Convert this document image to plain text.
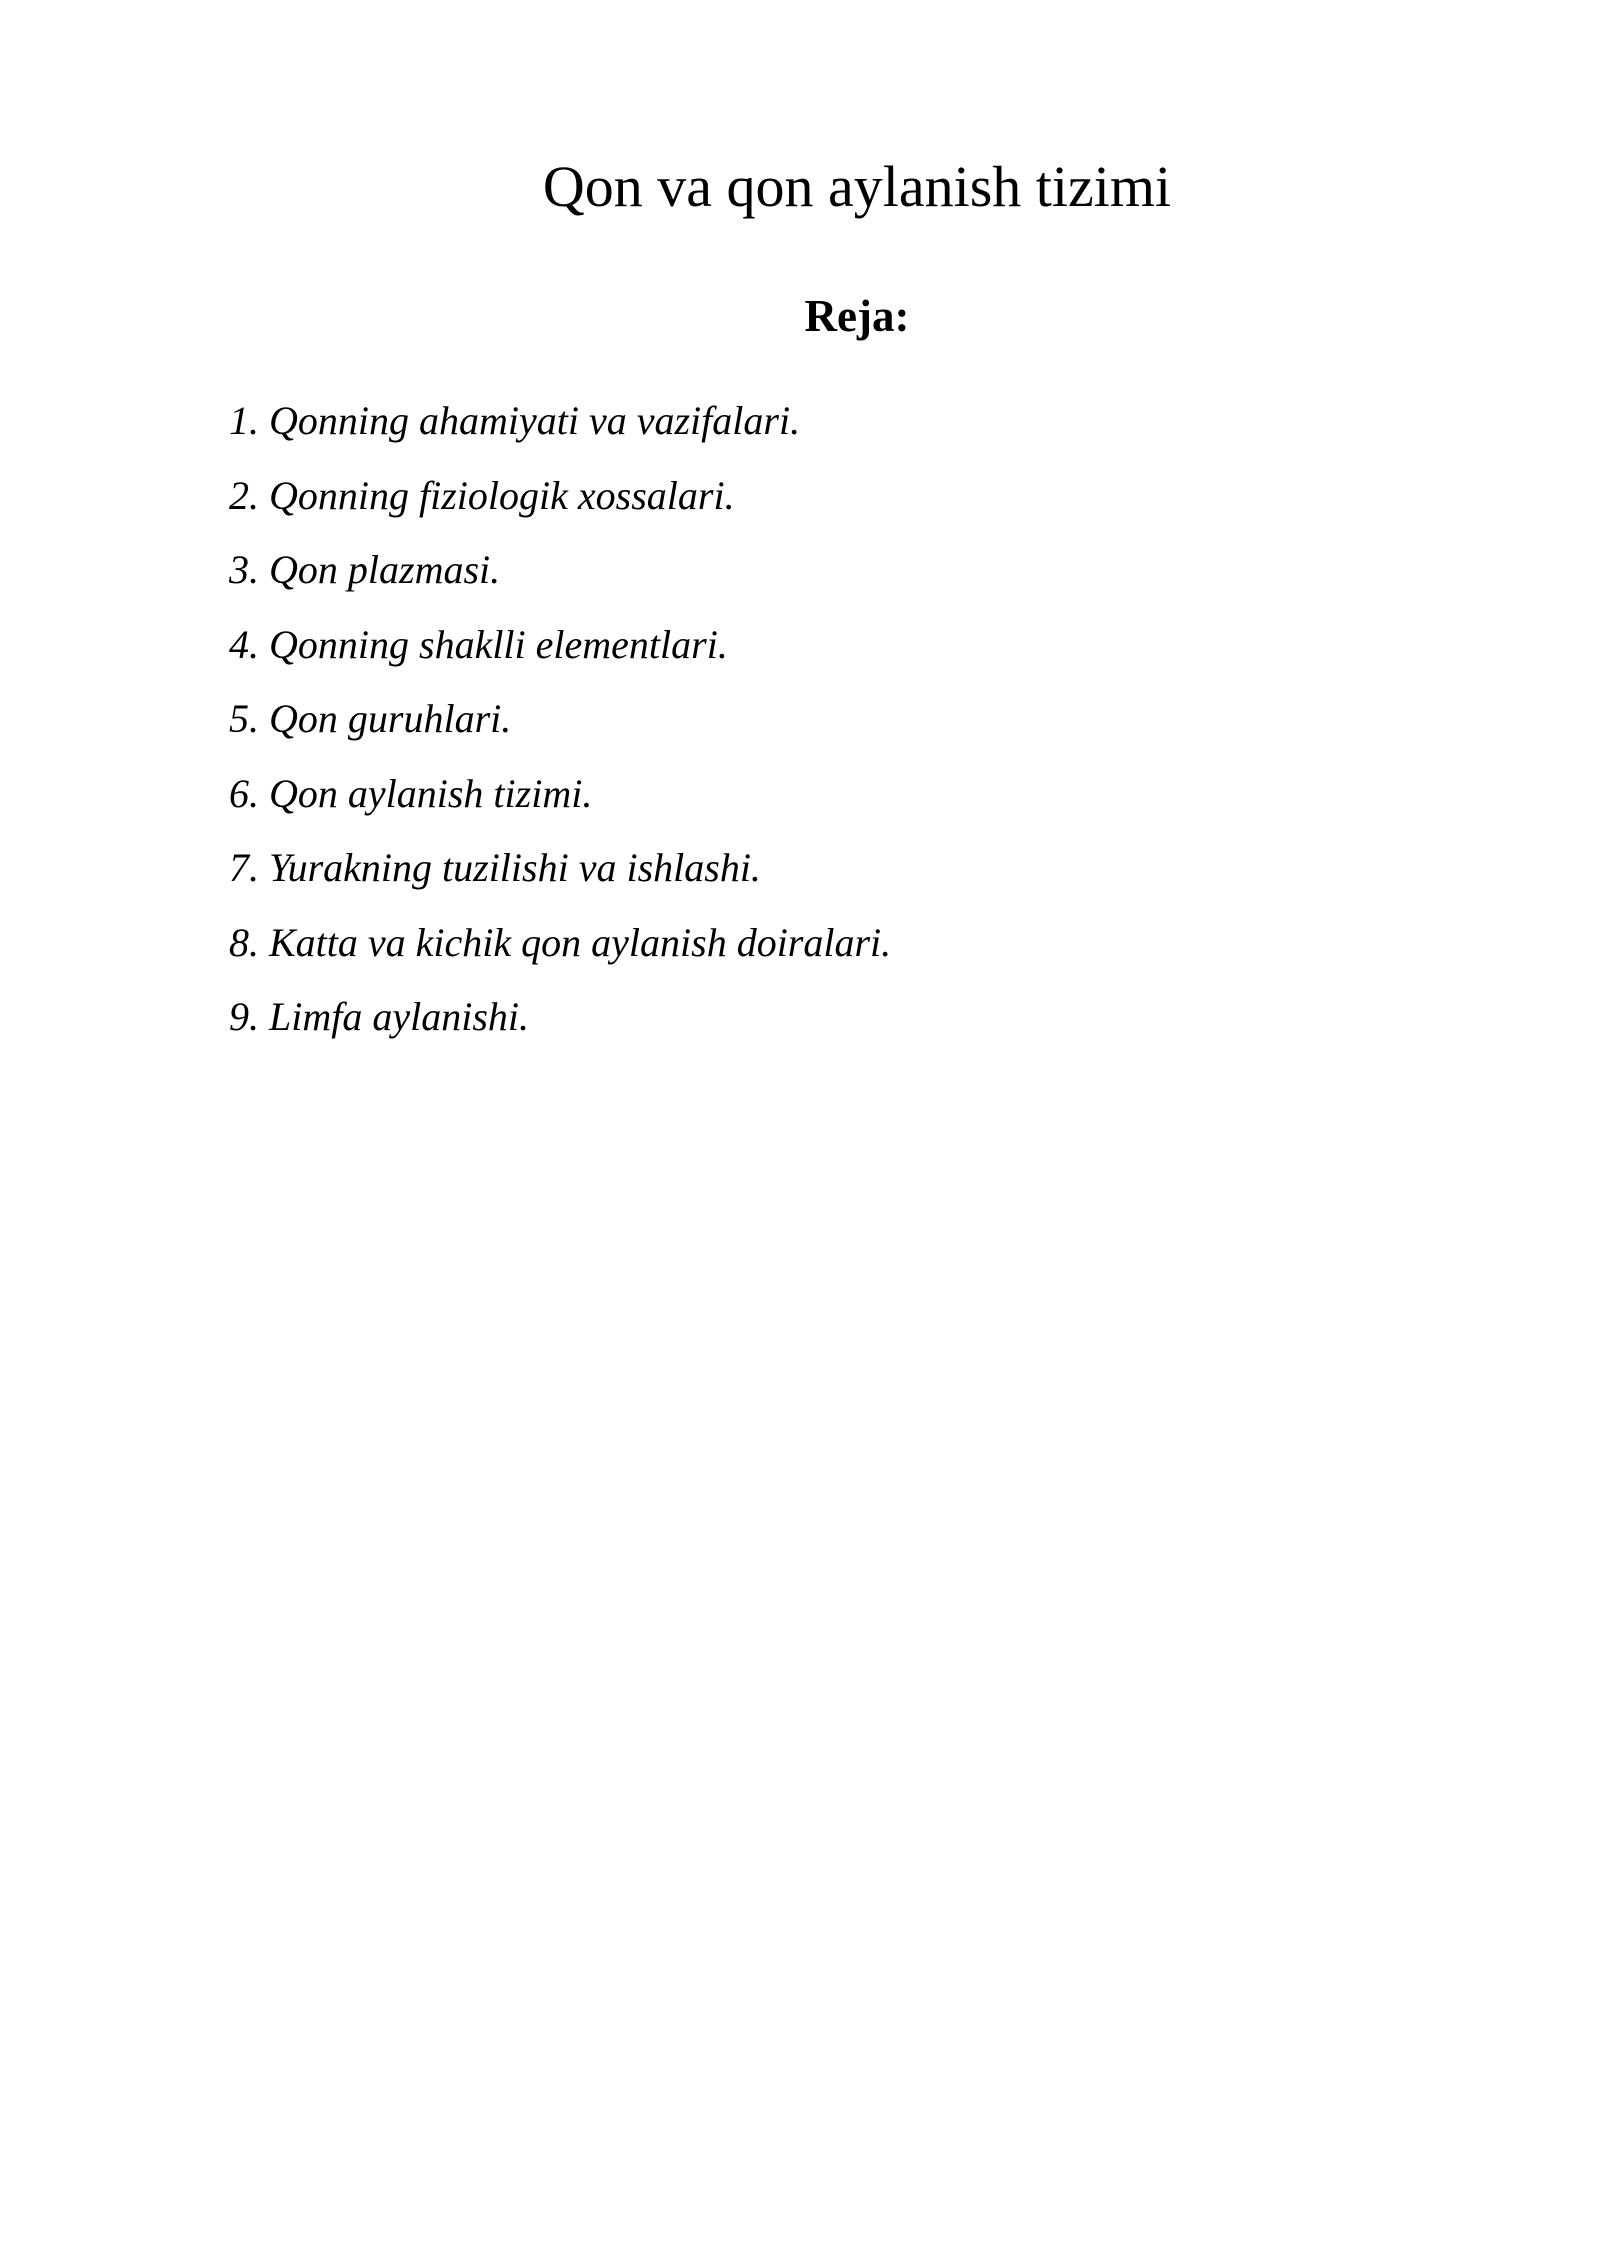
Qon va qon aylanish tizimi
Reja:
1. Qonning ahamiyati va vazifalari.
2. Qonning fiziologik xossalari.
3. Qon plazmasi.
4. Qonning shaklli elementlari.
5. Qon guruhlari.
6. Qon aylanish tizimi.
7. Yurakning tuzilishi va ishlashi.
8. Katta va kichik qon aylanish doiralari.
9. Limfa aylanishi.
